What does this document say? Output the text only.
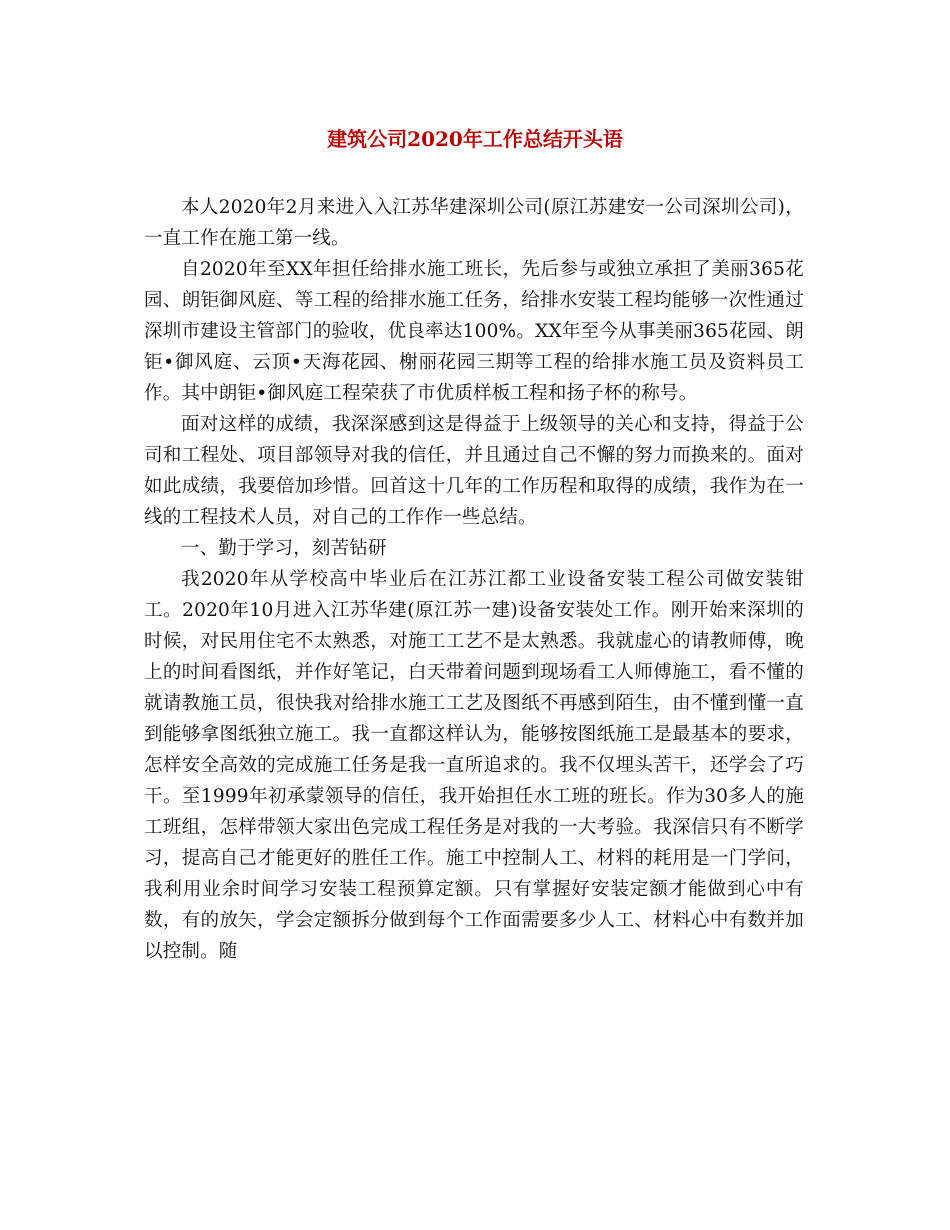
建筑公司2020年工作总结开头语

本人2020年2月来进入入江苏华建深圳公司(原江苏建安一公司深圳公司)，一直工作在施工第一线。

自2020年至XX年担任给排水施工班长，先后参与或独立承担了美丽365花园、朗钜御风庭、等工程的给排水施工任务，给排水安装工程均能够一次性通过深圳市建设主管部门的验收，优良率达100%。XX年至今从事美丽365花园、朗钜•御风庭、云顶•天海花园、榭丽花园三期等工程的给排水施工员及资料员工作。其中朗钜•御风庭工程荣获了市优质样板工程和扬子杯的称号。

面对这样的成绩，我深深感到这是得益于上级领导的关心和支持，得益于公司和工程处、项目部领导对我的信任，并且通过自己不懈的努力而换来的。面对如此成绩，我要倍加珍惜。回首这十几年的工作历程和取得的成绩，我作为在一线的工程技术人员，对自己的工作作一些总结。

一、勤于学习，刻苦钻研

我2020年从学校高中毕业后在江苏江都工业设备安装工程公司做安装钳工。2020年10月进入江苏华建(原江苏一建)设备安装处工作。刚开始来深圳的时候，对民用住宅不太熟悉，对施工工艺不是太熟悉。我就虚心的请教师傅，晚上的时间看图纸，并作好笔记，白天带着问题到现场看工人师傅施工，看不懂的就请教施工员，很快我对给排水施工工艺及图纸不再感到陌生，由不懂到懂一直到能够拿图纸独立施工。我一直都这样认为，能够按图纸施工是最基本的要求，怎样安全高效的完成施工任务是我一直所追求的。我不仅埋头苦干，还学会了巧干。至1999年初承蒙领导的信任，我开始担任水工班的班长。作为30多人的施工班组，怎样带领大家出色完成工程任务是对我的一大考验。我深信只有不断学习，提高自己才能更好的胜任工作。施工中控制人工、材料的耗用是一门学问，我利用业余时间学习安装工程预算定额。只有掌握好安装定额才能做到心中有数，有的放矢，学会定额拆分做到每个工作面需要多少人工、材料心中有数并加以控制。随
